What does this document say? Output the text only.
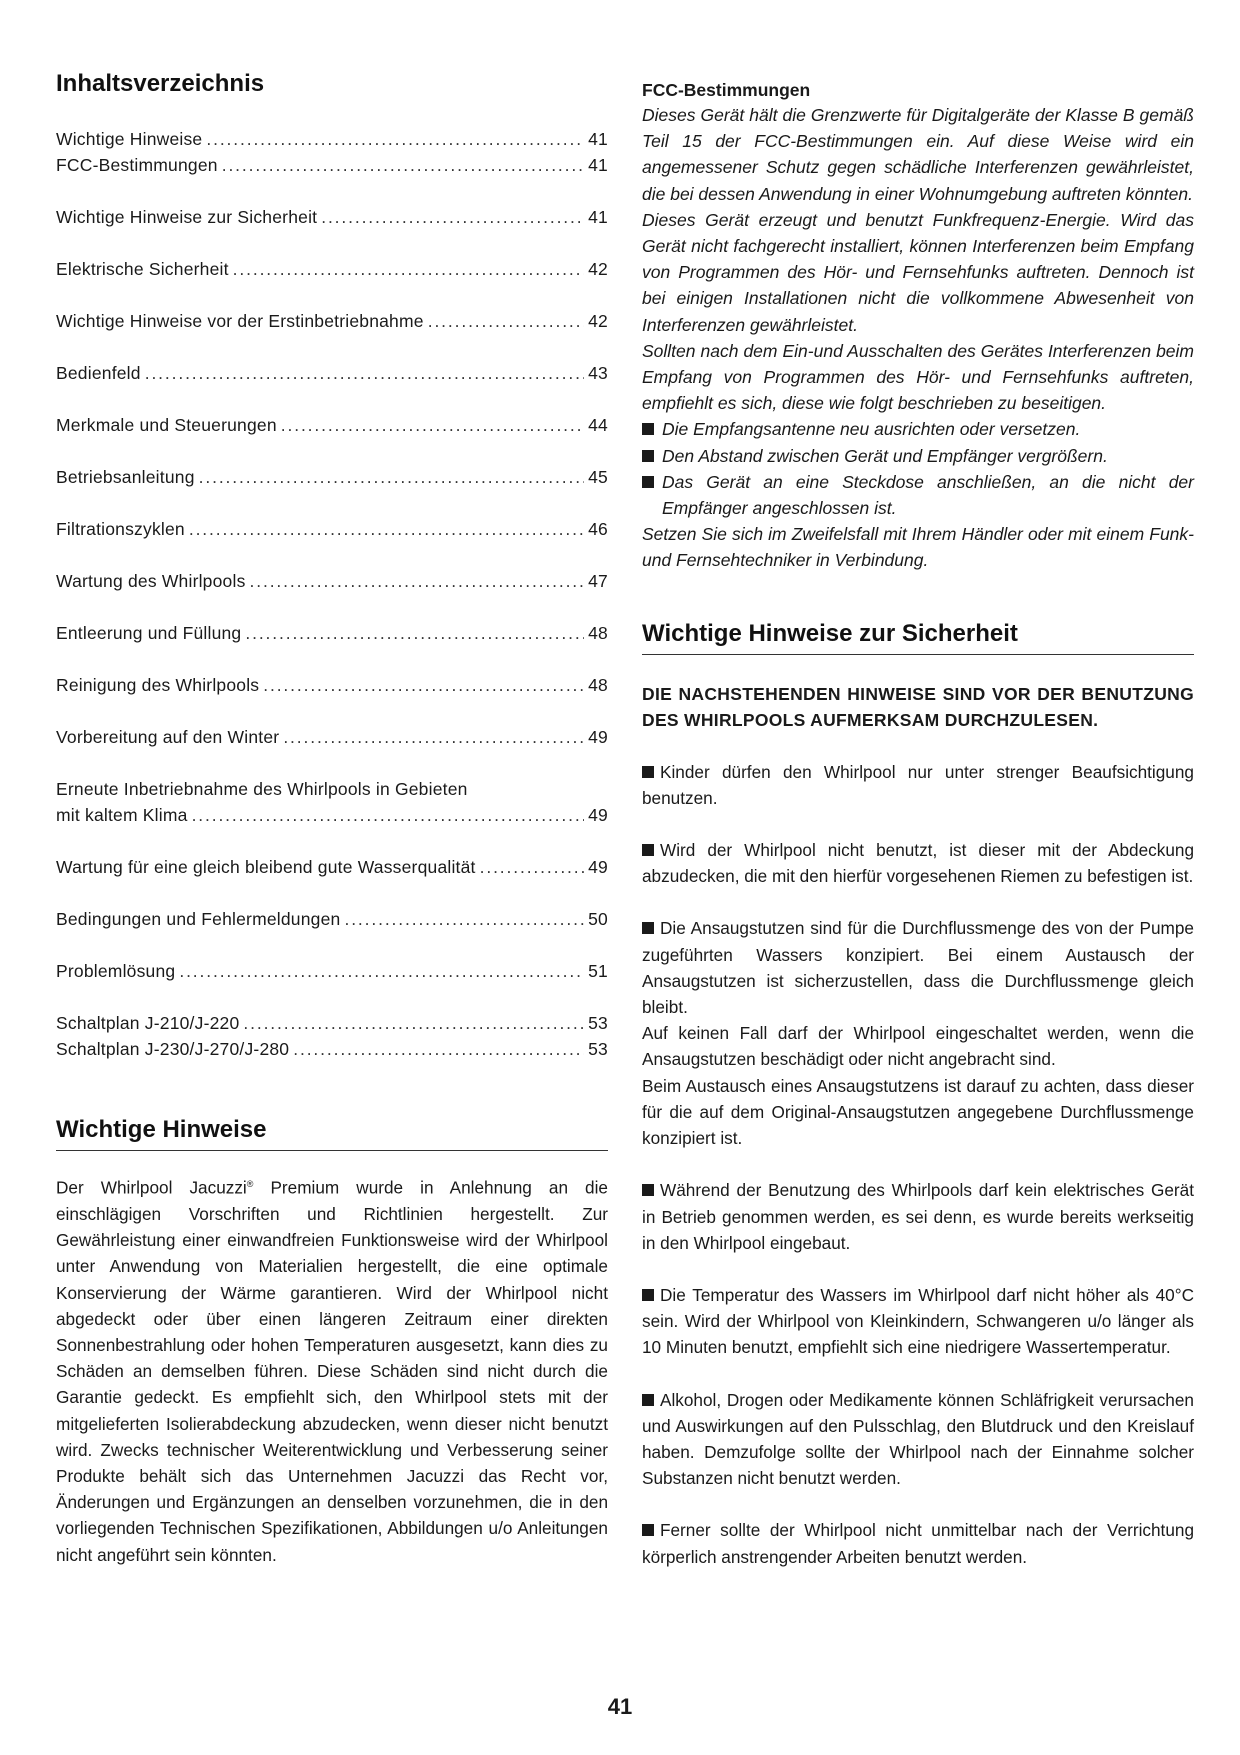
Inhaltsverzeichnis
Wichtige Hinweise . . .	41
FCC-Bestimmungen . . .	41
Wichtige Hinweise zur Sicherheit . . .	41
Elektrische Sicherheit . . .	42
Wichtige Hinweise vor der Erstinbetriebnahme . . .	42
Bedienfeld . . .	43
Merkmale und Steuerungen . . .	44
Betriebsanleitung . . .	45
Filtrationszyklen . . .	46
Wartung des Whirlpools . . .	47
Entleerung und Füllung . . .	48
Reinigung des Whirlpools . . .	48
Vorbereitung auf den Winter . . .	49
Erneute Inbetriebnahme des Whirlpools in Gebieten
mit kaltem Klima . . .	49
Wartung für eine gleich bleibend gute Wasserqualität . . .	49
Bedingungen und Fehlermeldungen . . .	50
Problemlösung . . .	51
Schaltplan J-210/J-220 . . .	53
Schaltplan J-230/J-270/J-280 . . .	53
Wichtige Hinweise

Der Whirlpool Jacuzzi® Premium wurde in Anlehnung an die einschlägigen Vorschriften und Richtlinien hergestellt. Zur Gewährleistung einer einwandfreien Funktionsweise wird der Whirlpool unter Anwendung von Materialien hergestellt, die eine optimale Konservierung der Wärme garantieren. Wird der Whirlpool nicht abgedeckt oder über einen längeren Zeitraum einer direkten Sonnenbestrahlung oder hohen Temperaturen ausgesetzt, kann dies zu Schäden an demselben führen. Diese Schäden sind nicht durch die Garantie gedeckt. Es empfiehlt sich, den Whirlpool stets mit der mitgelieferten Isolierabdeckung abzudecken, wenn dieser nicht benutzt wird. Zwecks technischer Weiterentwicklung und Verbesserung seiner Produkte behält sich das Unternehmen Jacuzzi das Recht vor, Änderungen und Ergänzungen an denselben vorzunehmen, die in den vorliegenden Technischen Spezifikationen, Abbildungen u/o Anleitungen nicht angeführt sein könnten.

FCC-Bestimmungen

Dieses Gerät hält die Grenzwerte für Digitalgeräte der Klasse B gemäß Teil 15 der FCC-Bestimmungen ein. Auf diese Weise wird ein angemessener Schutz gegen schädliche Interferenzen gewährleistet, die bei dessen Anwendung in einer Wohnumgebung auftreten könnten.

Dieses Gerät erzeugt und benutzt Funkfrequenz-Energie. Wird das Gerät nicht fachgerecht installiert, können Interferenzen beim Empfang von Programmen des Hör- und Fernsehfunks auftreten. Dennoch ist bei einigen Installationen nicht die vollkommene Abwesenheit von Interferenzen gewährleistet.

Sollten nach dem Ein-und Ausschalten des Gerätes Interferenzen beim Empfang von Programmen des Hör- und Fernsehfunks auftreten, empfiehlt es sich, diese wie folgt beschrieben zu beseitigen.

Die Empfangsantenne neu ausrichten oder versetzen.
Den Abstand zwischen Gerät und Empfänger vergrößern.
Das Gerät an eine Steckdose anschließen, an die nicht der Empfänger angeschlossen ist.

Setzen Sie sich im Zweifelsfall mit Ihrem Händler oder mit einem Funk- und Fernsehtechniker in Verbindung.

Wichtige Hinweise zur Sicherheit

DIE NACHSTEHENDEN HINWEISE SIND VOR DER BENUTZUNG DES WHIRLPOOLS AUFMERKSAM DURCHZULESEN.

Kinder dürfen den Whirlpool nur unter strenger Beaufsichtigung benutzen.

Wird der Whirlpool nicht benutzt, ist dieser mit der Abdeckung abzudecken, die mit den hierfür vorgesehenen Riemen zu befestigen ist.

Die Ansaugstutzen sind für die Durchflussmenge des von der Pumpe zugeführten Wassers konzipiert. Bei einem Austausch der Ansaugstutzen ist sicherzustellen, dass die Durchflussmenge gleich bleibt.

Auf keinen Fall darf der Whirlpool eingeschaltet werden, wenn die Ansaugstutzen beschädigt oder nicht angebracht sind.

Beim Austausch eines Ansaugstutzens ist darauf zu achten, dass dieser für die auf dem Original-Ansaugstutzen angegebene Durchflussmenge konzipiert ist.

Während der Benutzung des Whirlpools darf kein elektrisches Gerät in Betrieb genommen werden, es sei denn, es wurde bereits werkseitig in den Whirlpool eingebaut.

Die Temperatur des Wassers im Whirlpool darf nicht höher als 40°C sein. Wird der Whirlpool von Kleinkindern, Schwangeren u/o länger als 10 Minuten benutzt, empfiehlt sich eine niedrigere Wassertemperatur.

Alkohol, Drogen oder Medikamente können Schläfrigkeit verursachen und Auswirkungen auf den Pulsschlag, den Blutdruck und den Kreislauf haben. Demzufolge sollte der Whirlpool nach der Einnahme solcher Substanzen nicht benutzt werden.

Ferner sollte der Whirlpool nicht unmittelbar nach der Verrichtung körperlich anstrengender Arbeiten benutzt werden.

41
